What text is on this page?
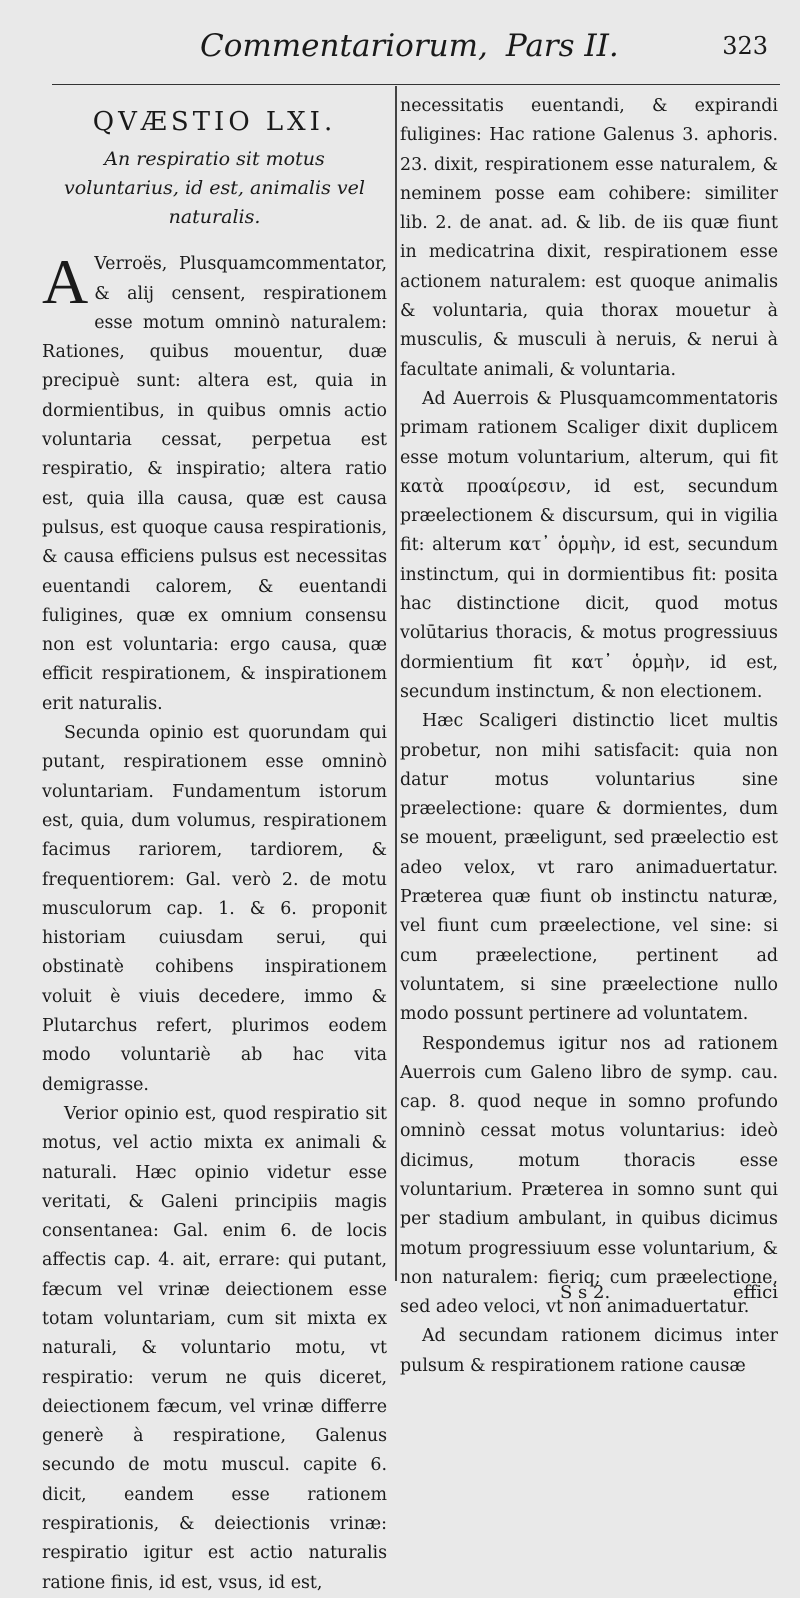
Commentariorum, Pars II.	323
QVÆSTIO LXI.
An respiratio sit motus voluntarius, id est, animalis vel naturalis.

A Verroës, Plusquamcommentator, & alij censent, respirationem esse motum omninò naturalem: Rationes, quibus mouentur, duæ precipuè sunt: altera est, quia in dormientibus, in quibus omnis actio voluntaria cessat, perpetua est respiratio, & inspiratio; altera ratio est, quia illa causa, quæ est causa pulsus, est quoque causa respirationis, & causa efficiens pulsus est necessitas euentandi calorem, & euentandi fuligines, quæ ex omnium consensu non est voluntaria: ergo causa, quæ efficit respirationem, & inspirationem erit naturalis.

Secunda opinio est quorundam qui putant, respirationem esse omninò voluntariam. Fundamentum istorum est, quia, dum volumus, respirationem facimus rariorem, tardiorem, & frequentiorem: Gal. verò 2. de motu musculorum cap. 1. & 6. proponit historiam cuiusdam serui, qui obstinatè cohibens inspirationem voluit è viuis decedere, immo & Plutarchus refert, plurimos eodem modo voluntariè ab hac vita demigrasse.

Verior opinio est, quod respiratio sit motus, vel actio mixta ex animali & naturali. Hæc opinio videtur esse veritati, & Galeni principiis magis consentanea: Gal. enim 6. de locis affectis cap. 4. ait, errare: qui putant, fæcum vel vrinæ deiectionem esse totam voluntariam, cum sit mixta ex naturali, & voluntario motu, vt respiratio: verum ne quis diceret, deiectionem fæcum, vel vrinæ differre generè à respiratione, Galenus secundo de motu muscul. capite 6. dicit, eandem esse rationem respirationis, & deiectionis vrinæ: respiratio igitur est actio naturalis ratione finis, id est, vsus, id est,

necessitatis euentandi, & expirandi fuligines: Hac ratione Galenus 3. aphoris. 23. dixit, respirationem esse naturalem, & neminem posse eam cohibere: similiter lib. 2. de anat. ad. & lib. de iis quæ fiunt in medicatrina dixit, respirationem esse actionem naturalem: est quoque animalis & voluntaria, quia thorax mouetur à musculis, & musculi à neruis, & nerui à facultate animali, & voluntaria.

Ad Auerrois & Plusquamcommentatoris primam rationem Scaliger dixit duplicem esse motum voluntarium, alterum, qui fit κατὰ προαίρεσιν, id est, secundum præelectionem & discursum, qui in vigilia fit: alterum κατ᾽ ὁρμὴν, id est, secundum instinctum, qui in dormientibus fit: posita hac distinctione dicit, quod motus volūtarius thoracis, & motus progressiuus dormientium fit κατ᾽ ὁρμὴν, id est, secundum instinctum, & non electionem.

Hæc Scaligeri distinctio licet multis probetur, non mihi satisfacit: quia non datur motus voluntarius sine præelectione: quare & dormientes, dum se mouent, præeligunt, sed præelectio est adeo velox, vt raro animaduertatur. Præterea quæ fiunt ob instinctu naturæ, vel fiunt cum præelectione, vel sine: si cum præelectione, pertinent ad voluntatem, si sine præelectione nullo modo possunt pertinere ad voluntatem.

Respondemus igitur nos ad rationem Auerrois cum Galeno libro de symp. cau. cap. 8. quod neque in somno profundo omninò cessat motus voluntarius: ideò dicimus, motum thoracis esse voluntarium. Præterea in somno sunt qui per stadium ambulant, in quibus dicimus motum progressiuum esse voluntarium, & non naturalem: fieriq; cum præelectione, sed adeo veloci, vt non animaduertatur.

Ad secundam rationem dicimus inter pulsum & respirationem ratione causæ

S s 2.	effici
